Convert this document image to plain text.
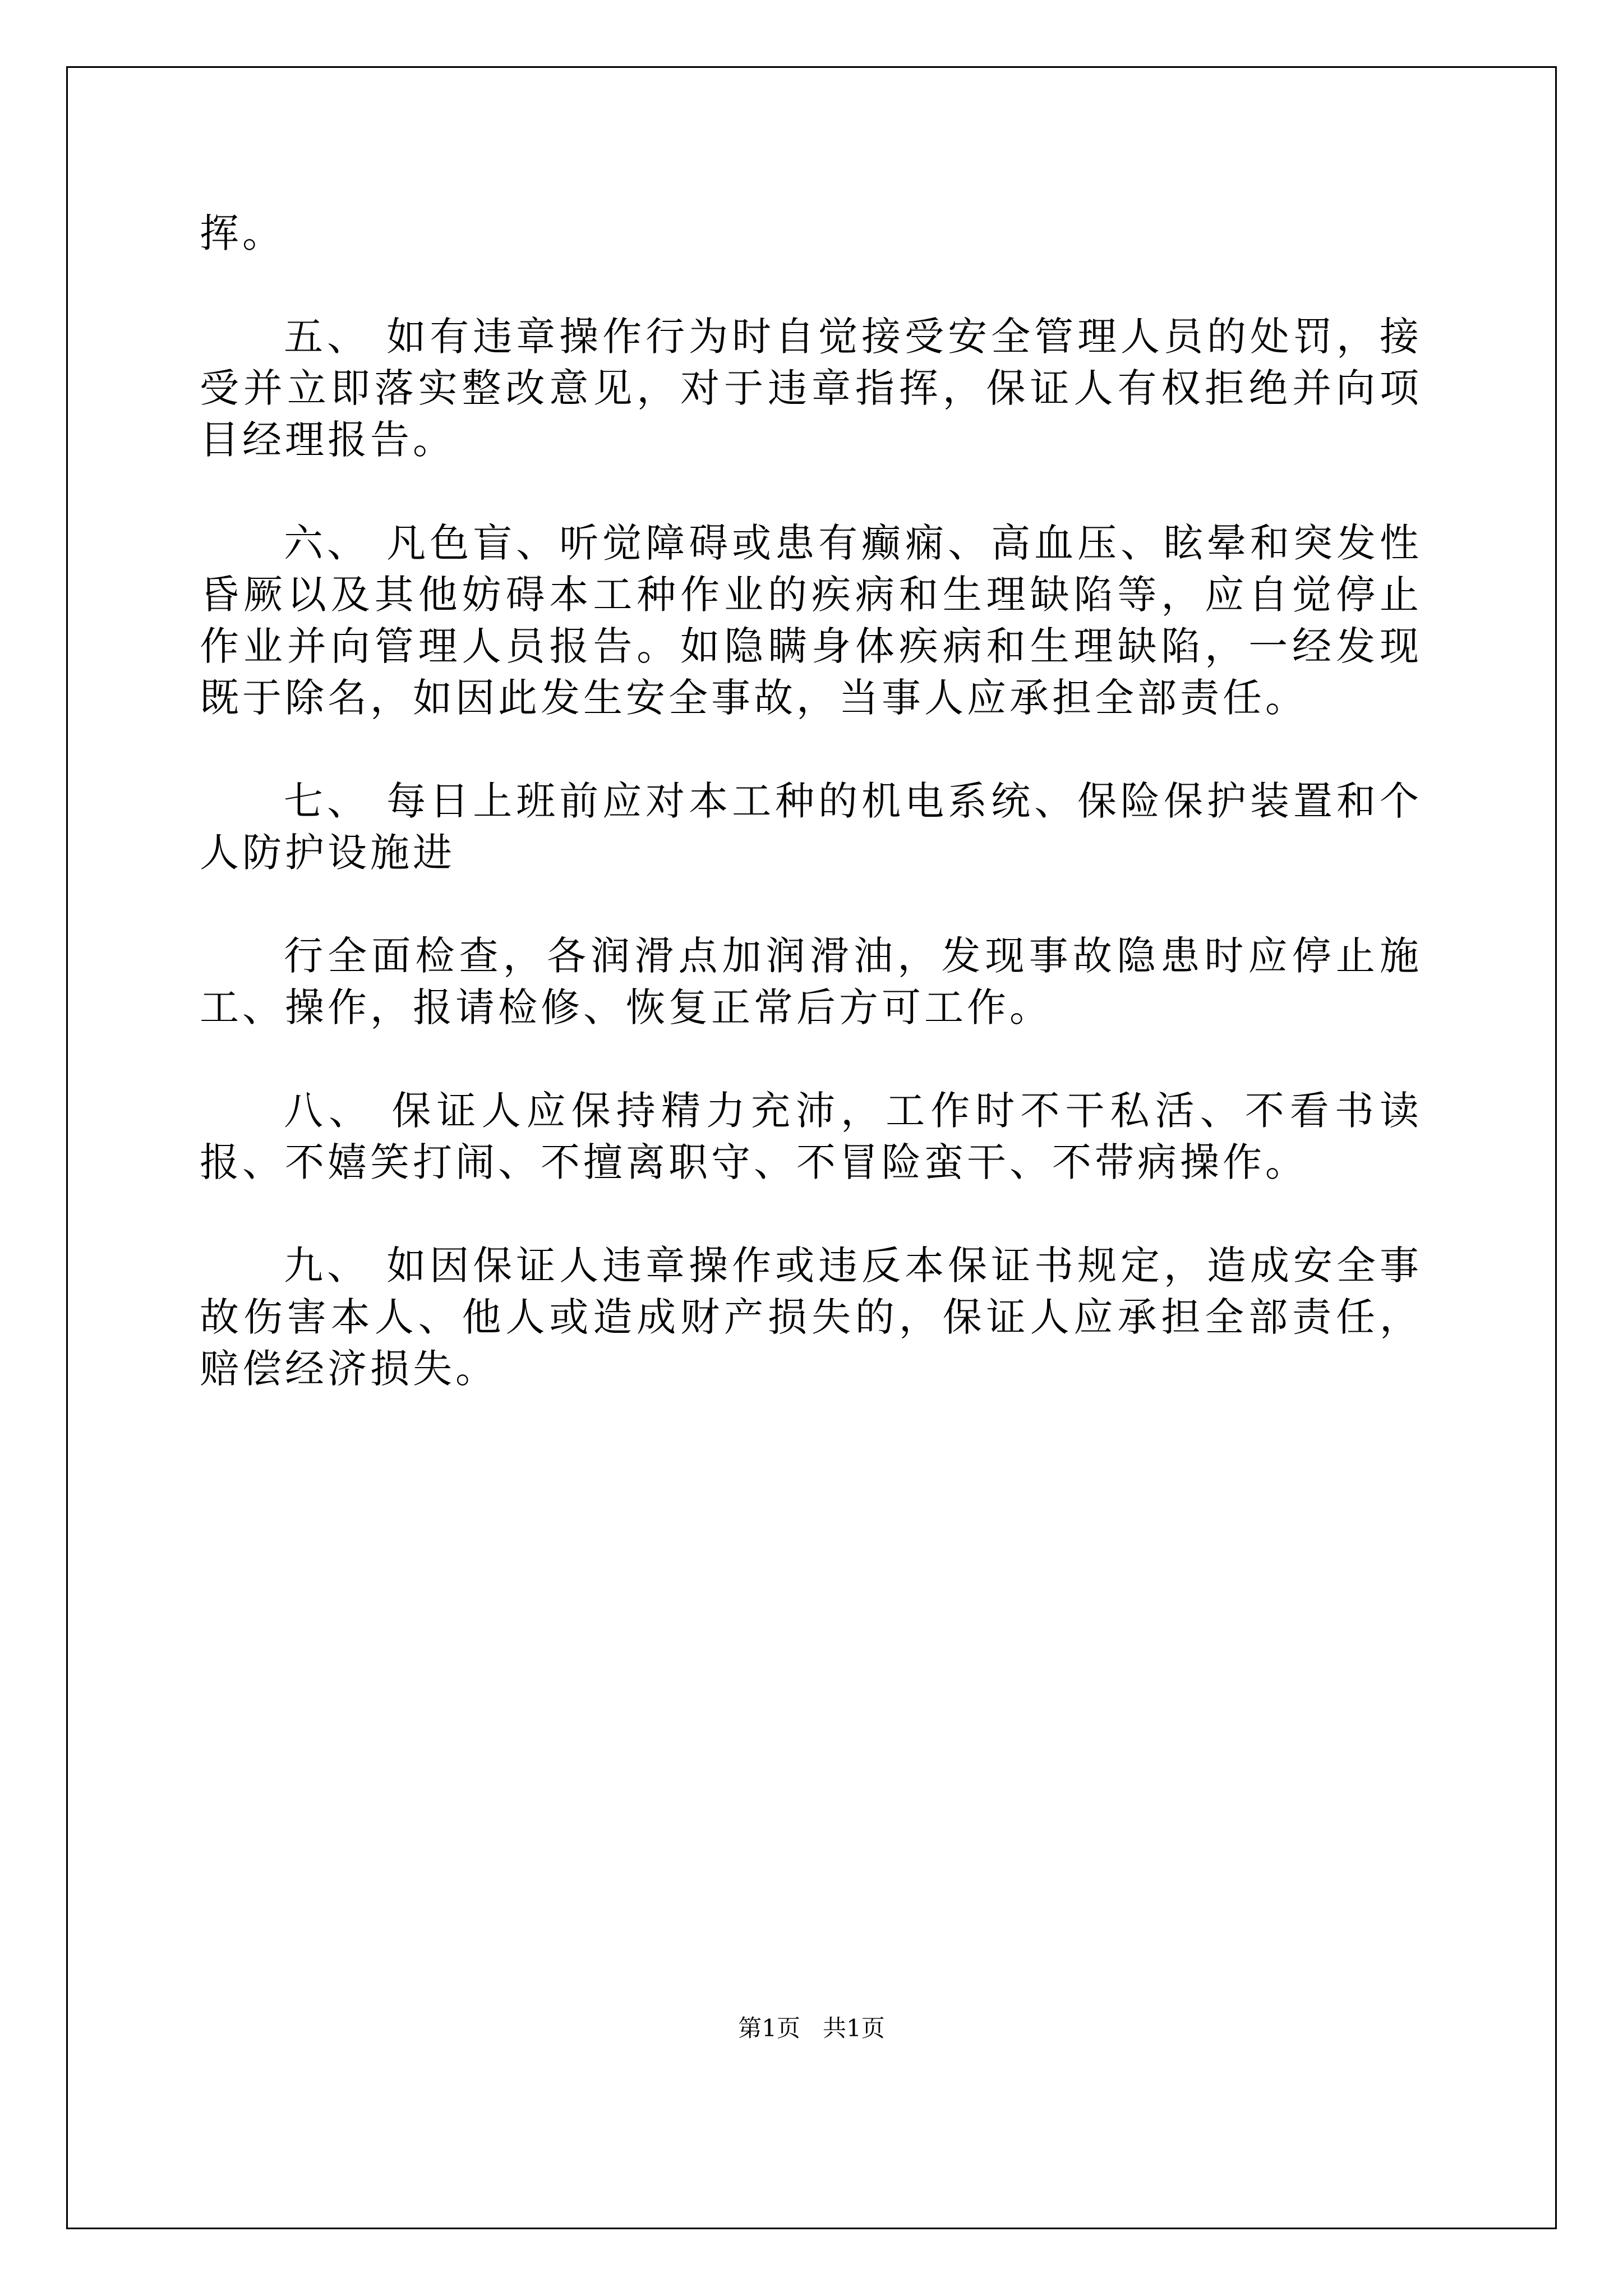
挥。

五、 如有违章操作行为时自觉接受安全管理人员的处罚，接受并立即落实整改意见，对于违章指挥，保证人有权拒绝并向项目经理报告。

六、 凡色盲、听觉障碍或患有癫痫、高血压、眩晕和突发性昏厥以及其他妨碍本工种作业的疾病和生理缺陷等，应自觉停止作业并向管理人员报告。如隐瞒身体疾病和生理缺陷，一经发现既于除名，如因此发生安全事故，当事人应承担全部责任。

七、 每日上班前应对本工种的机电系统、保险保护装置和个人防护设施进

行全面检查，各润滑点加润滑油，发现事故隐患时应停止施工、操作，报请检修、恢复正常后方可工作。

八、 保证人应保持精力充沛，工作时不干私活、不看书读报、不嬉笑打闹、不擅离职守、不冒险蛮干、不带病操作。

九、 如因保证人违章操作或违反本保证书规定，造成安全事故伤害本人、他人或造成财产损失的，保证人应承担全部责任，赔偿经济损失。

第1页 共1页
